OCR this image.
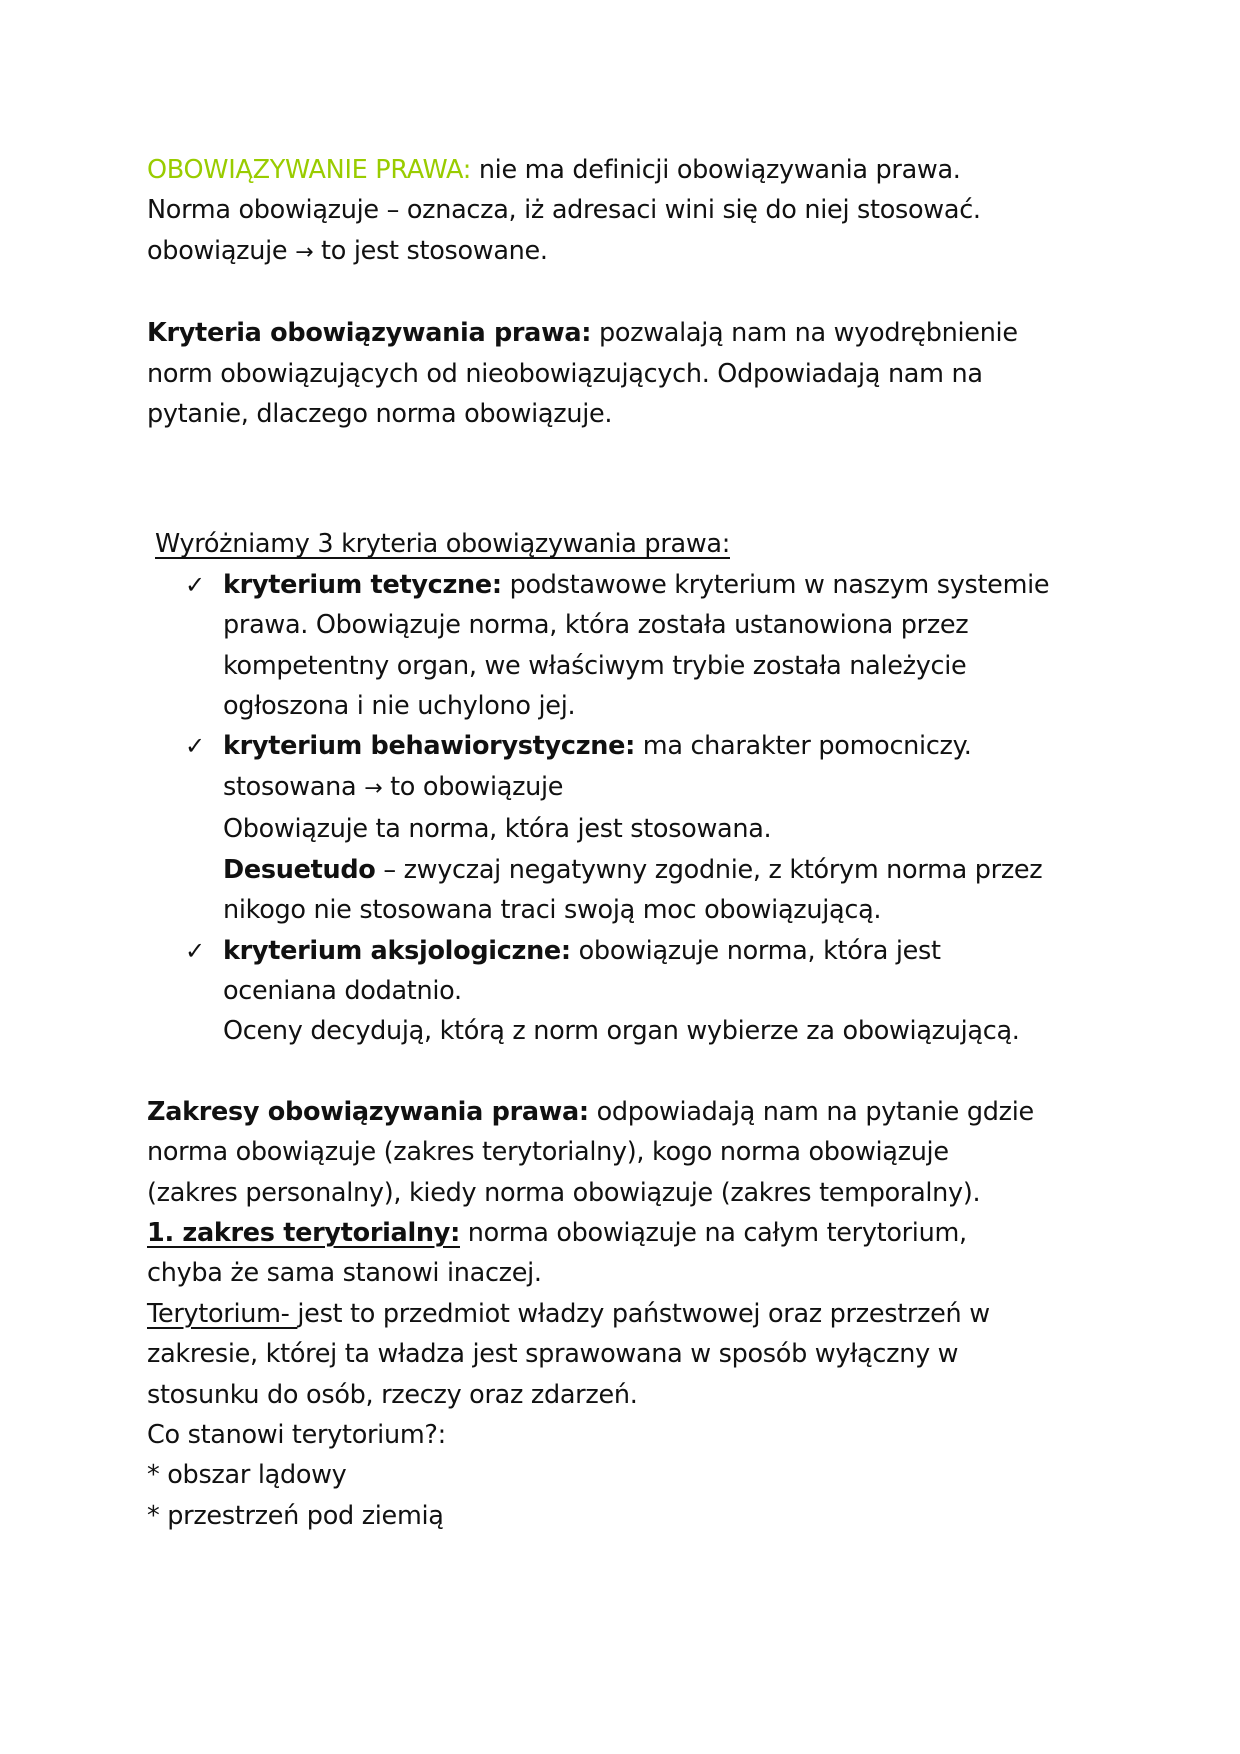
OBOWIĄZYWANIE PRAWA: nie ma definicji obowiązywania prawa.
Norma obowiązuje – oznacza, iż adresaci wini się do niej stosować.
obowiązuje → to jest stosowane.
Kryteria obowiązywania prawa: pozwalają nam na wyodrębnienie
norm obowiązujących od nieobowiązujących. Odpowiadają nam na
pytanie, dlaczego norma obowiązuje.
Wyróżniamy 3 kryteria obowiązywania prawa:
✓ kryterium tetyczne: podstawowe kryterium w naszym systemie
prawa. Obowiązuje norma, która została ustanowiona przez
kompetentny organ, we właściwym trybie została należycie
ogłoszona i nie uchylono jej.
✓ kryterium behawiorystyczne: ma charakter pomocniczy.
stosowana → to obowiązuje
Obowiązuje ta norma, która jest stosowana.
Desuetudo – zwyczaj negatywny zgodnie, z którym norma przez
nikogo nie stosowana traci swoją moc obowiązującą.
✓ kryterium aksjologiczne: obowiązuje norma, która jest
oceniana dodatnio.
Oceny decydują, którą z norm organ wybierze za obowiązującą.
Zakresy obowiązywania prawa: odpowiadają nam na pytanie gdzie
norma obowiązuje (zakres terytorialny), kogo norma obowiązuje
(zakres personalny), kiedy norma obowiązuje (zakres temporalny).
1. zakres terytorialny: norma obowiązuje na całym terytorium,
chyba że sama stanowi inaczej.
Terytorium- jest to przedmiot władzy państwowej oraz przestrzeń w
zakresie, której ta władza jest sprawowana w sposób wyłączny w
stosunku do osób, rzeczy oraz zdarzeń.
Co stanowi terytorium?:
* obszar lądowy
* przestrzeń pod ziemią
